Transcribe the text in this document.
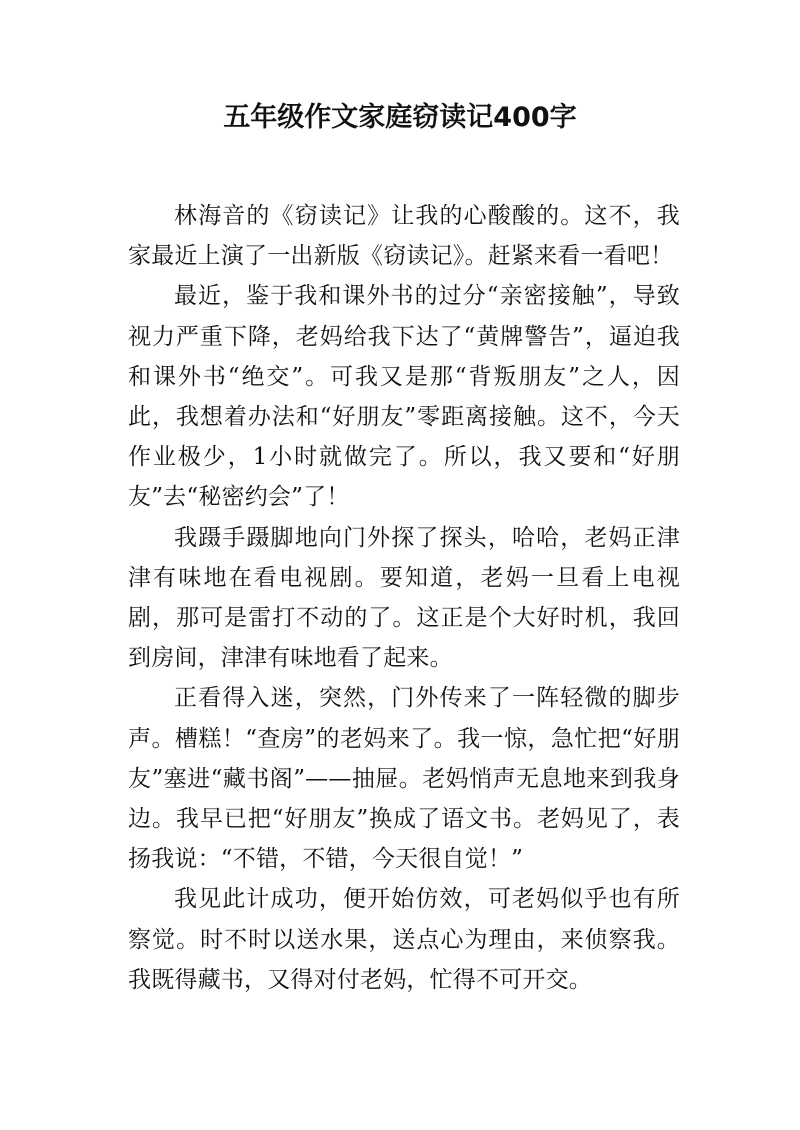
五年级作文家庭窃读记400字

林海音的《窃读记》让我的心酸酸的。这不，我家最近上演了一出新版《窃读记》。赶紧来看一看吧！

最近，鉴于我和课外书的过分“亲密接触”，导致视力严重下降，老妈给我下达了“黄牌警告”，逼迫我和课外书“绝交”。可我又是那“背叛朋友”之人，因此，我想着办法和“好朋友”零距离接触。这不，今天作业极少，1小时就做完了。所以，我又要和“好朋友”去“秘密约会”了！

我蹑手蹑脚地向门外探了探头，哈哈，老妈正津津有味地在看电视剧。要知道，老妈一旦看上电视剧，那可是雷打不动的了。这正是个大好时机，我回到房间，津津有味地看了起来。

正看得入迷，突然，门外传来了一阵轻微的脚步声。槽糕！“查房”的老妈来了。我一惊，急忙把“好朋友”塞进“藏书阁”——抽屉。老妈悄声无息地来到我身边。我早已把“好朋友”换成了语文书。老妈见了，表扬我说：“不错，不错，今天很自觉！”

我见此计成功，便开始仿效，可老妈似乎也有所察觉。时不时以送水果，送点心为理由，来侦察我。我既得藏书，又得对付老妈，忙得不可开交。
